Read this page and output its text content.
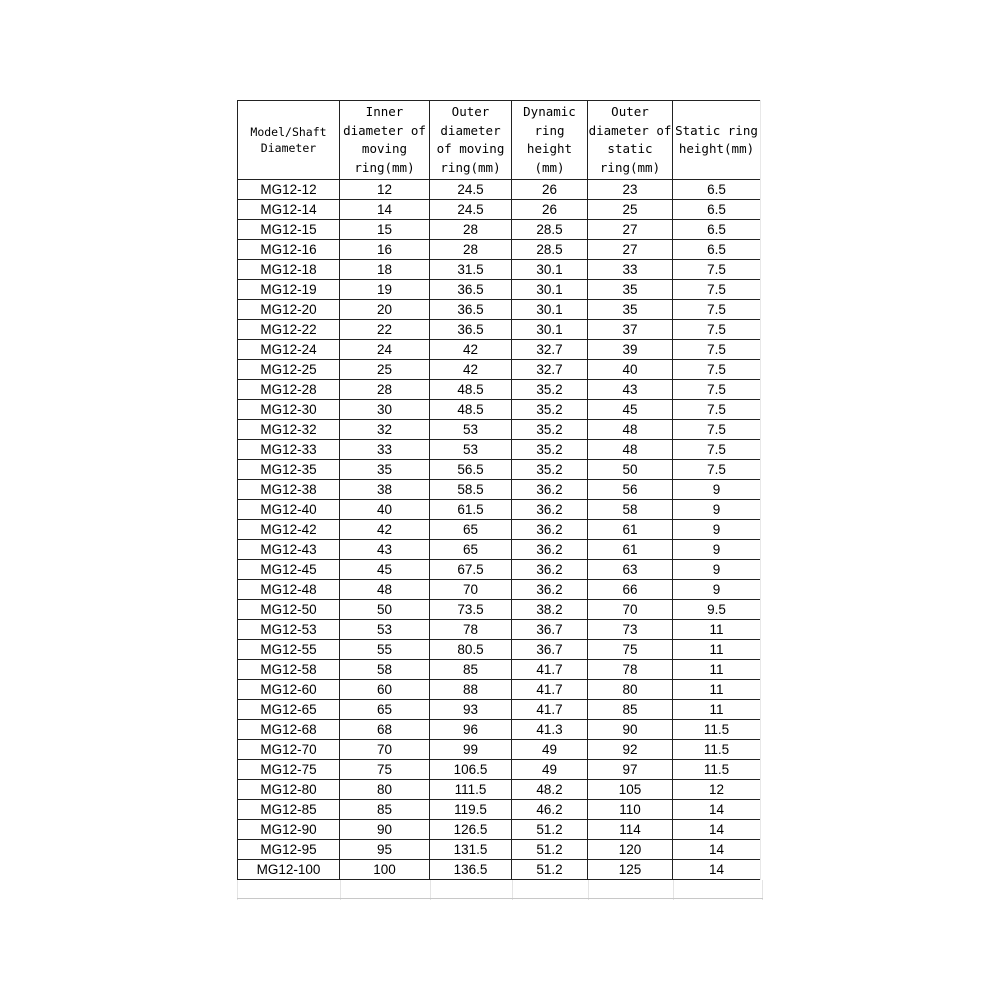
Model/Shaft Diameter	Inner diameter of moving ring(mm)	Outer diameter of moving ring(mm)	Dynamic ring height (mm)	Outer diameter of static ring(mm)	Static ring height(mm)
MG12-12	12	24.5	26	23	6.5
MG12-14	14	24.5	26	25	6.5
MG12-15	15	28	28.5	27	6.5
MG12-16	16	28	28.5	27	6.5
MG12-18	18	31.5	30.1	33	7.5
MG12-19	19	36.5	30.1	35	7.5
MG12-20	20	36.5	30.1	35	7.5
MG12-22	22	36.5	30.1	37	7.5
MG12-24	24	42	32.7	39	7.5
MG12-25	25	42	32.7	40	7.5
MG12-28	28	48.5	35.2	43	7.5
MG12-30	30	48.5	35.2	45	7.5
MG12-32	32	53	35.2	48	7.5
MG12-33	33	53	35.2	48	7.5
MG12-35	35	56.5	35.2	50	7.5
MG12-38	38	58.5	36.2	56	9
MG12-40	40	61.5	36.2	58	9
MG12-42	42	65	36.2	61	9
MG12-43	43	65	36.2	61	9
MG12-45	45	67.5	36.2	63	9
MG12-48	48	70	36.2	66	9
MG12-50	50	73.5	38.2	70	9.5
MG12-53	53	78	36.7	73	11
MG12-55	55	80.5	36.7	75	11
MG12-58	58	85	41.7	78	11
MG12-60	60	88	41.7	80	11
MG12-65	65	93	41.7	85	11
MG12-68	68	96	41.3	90	11.5
MG12-70	70	99	49	92	11.5
MG12-75	75	106.5	49	97	11.5
MG12-80	80	111.5	48.2	105	12
MG12-85	85	119.5	46.2	110	14
MG12-90	90	126.5	51.2	114	14
MG12-95	95	131.5	51.2	120	14
MG12-100	100	136.5	51.2	125	14
